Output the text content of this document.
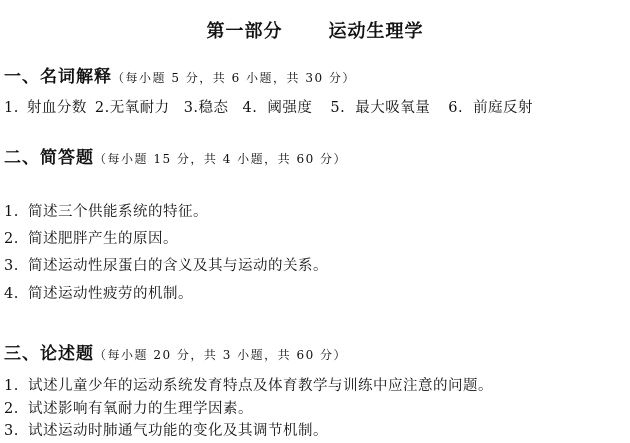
第一部分	运动生理学
一、名词解释（每小题 5 分，共 6 小题，共 30 分）
1. 射血分数 2.无氧耐力 3.稳态 4. 阈强度 5. 最大吸氧量 6. 前庭反射
二、简答题（每小题 15 分，共 4 小题，共 60 分）
1. 简述三个供能系统的特征。
2. 简述肥胖产生的原因。
3. 简述运动性尿蛋白的含义及其与运动的关系。
4. 简述运动性疲劳的机制。
三、论述题（每小题 20 分，共 3 小题，共 60 分）
1. 试述儿童少年的运动系统发育特点及体育教学与训练中应注意的问题。
2. 试述影响有氧耐力的生理学因素。
3. 试述运动时肺通气功能的变化及其调节机制。
